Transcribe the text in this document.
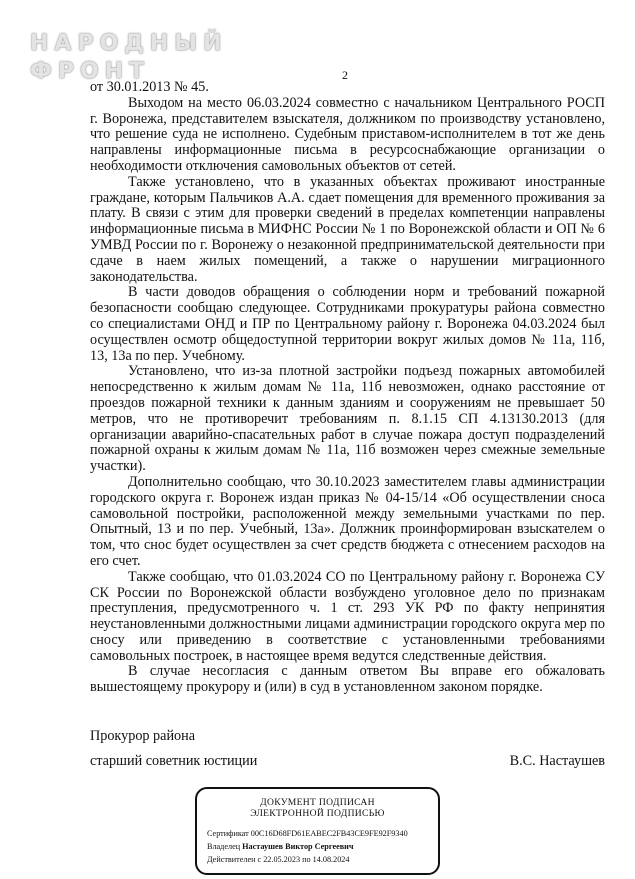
НАРОДНЫЙ
ФРОНТ	2

от 30.01.2013 № 45.

Выходом на место 06.03.2024 совместно с начальником Центрального РОСП г. Воронежа, представителем взыскателя, должником по производству установлено, что решение суда не исполнено. Судебным приставом-исполнителем в тот же день направлены информационные письма в ресурсоснабжающие организации о необходимости отключения самовольных объектов от сетей.

Также установлено, что в указанных объектах проживают иностранные граждане, которым Пальчиков А.А. сдает помещения для временного проживания за плату. В связи с этим для проверки сведений в пределах компетенции направлены информационные письма в МИФНС России № 1 по Воронежской области и ОП № 6 УМВД России по г. Воронежу о незаконной предпринимательской деятельности при сдаче в наем жилых помещений, а также о нарушении миграционного законодательства.

В части доводов обращения о соблюдении норм и требований пожарной безопасности сообщаю следующее. Сотрудниками прокуратуры района совместно со специалистами ОНД и ПР по Центральному району г. Воронежа 04.03.2024 был осуществлен осмотр общедоступной территории вокруг жилых домов № 11а, 11б, 13, 13а по пер. Учебному.

Установлено, что из-за плотной застройки подъезд пожарных автомобилей непосредственно к жилым домам № 11а, 11б невозможен, однако расстояние от проездов пожарной техники к данным зданиям и сооружениям не превышает 50 метров, что не противоречит требованиям п. 8.1.15 СП 4.13130.2013 (для организации аварийно-спасательных работ в случае пожара доступ подразделений пожарной охраны к жилым домам № 11а, 11б возможен через смежные земельные участки).

Дополнительно сообщаю, что 30.10.2023 заместителем главы администрации городского округа г. Воронеж издан приказ № 04-15/14 «Об осуществлении сноса самовольной постройки, расположенной между земельными участками по пер. Опытный, 13 и по пер. Учебный, 13а». Должник проинформирован взыскателем о том, что снос будет осуществлен за счет средств бюджета с отнесением расходов на его счет.

Также сообщаю, что 01.03.2024 СО по Центральному району г. Воронежа СУ СК России по Воронежской области возбуждено уголовное дело по признакам преступления, предусмотренного ч. 1 ст. 293 УК РФ по факту непринятия неустановленными должностными лицами администрации городского округа мер по сносу или приведению в соответствие с установленными требованиями самовольных построек, в настоящее время ведутся следственные действия.

В случае несогласия с данным ответом Вы вправе его обжаловать вышестоящему прокурору и (или) в суд в установленном законом порядке.

Прокурор района
старший советник юстиции	В.С. Настаушев
ДОКУМЕНТ ПОДПИСАН
ЭЛЕКТРОННОЙ ПОДПИСЬЮ
Сертификат 00C16D68FD61EABEC2FB43CE9FE92F9340
Владелец Настаушев Виктор Сергеевич
Действителен с 22.05.2023 по 14.08.2024
